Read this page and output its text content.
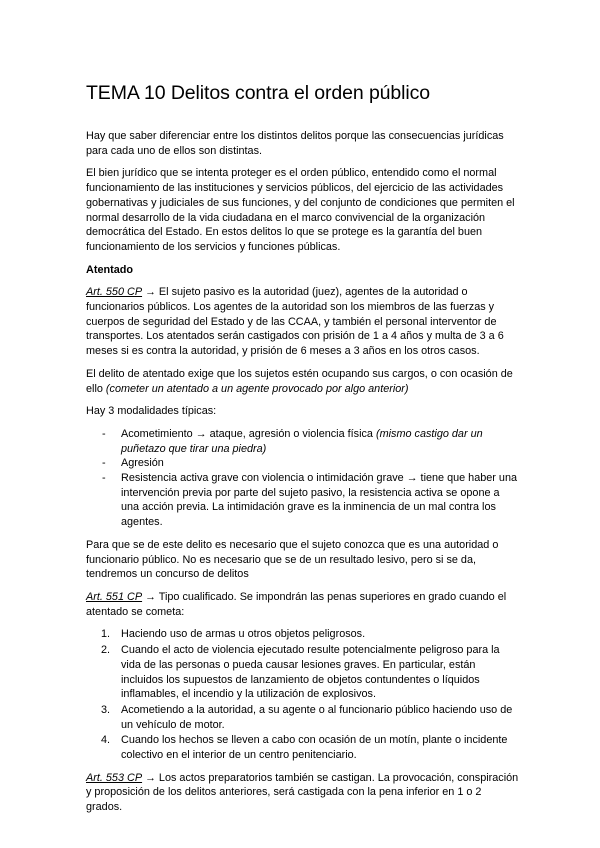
TEMA 10 Delitos contra el orden público

Hay que saber diferenciar entre los distintos delitos porque las consecuencias jurídicas para cada uno de ellos son distintas.

El bien jurídico que se intenta proteger es el orden público, entendido como el normal funcionamiento de las instituciones y servicios públicos, del ejercicio de las actividades gobernativas y judiciales de sus funciones, y del conjunto de condiciones que permiten el normal desarrollo de la vida ciudadana en el marco convivencial de la organización democrática del Estado. En estos delitos lo que se protege es la garantía del buen funcionamiento de los servicios y funciones públicas.

Atentado

Art. 550 CP → El sujeto pasivo es la autoridad (juez), agentes de la autoridad o funcionarios públicos. Los agentes de la autoridad son los miembros de las fuerzas y cuerpos de seguridad del Estado y de las CCAA, y también el personal interventor de transportes. Los atentados serán castigados con prisión de 1 a 4 años y multa de 3 a 6 meses si es contra la autoridad, y prisión de 6 meses a 3 años en los otros casos.

El delito de atentado exige que los sujetos estén ocupando sus cargos, o con ocasión de ello (cometer un atentado a un agente provocado por algo anterior)

Hay 3 modalidades típicas:

- Acometimiento → ataque, agresión o violencia física (mismo castigo dar un puñetazo que tirar una piedra)
- Agresión
- Resistencia activa grave con violencia o intimidación grave → tiene que haber una intervención previa por parte del sujeto pasivo, la resistencia activa se opone a una acción previa. La intimidación grave es la inminencia de un mal contra los agentes.

Para que se de este delito es necesario que el sujeto conozca que es una autoridad o funcionario público. No es necesario que se de un resultado lesivo, pero si se da, tendremos un concurso de delitos

Art. 551 CP → Tipo cualificado. Se impondrán las penas superiores en grado cuando el atentado se cometa:

1. Haciendo uso de armas u otros objetos peligrosos.
2. Cuando el acto de violencia ejecutado resulte potencialmente peligroso para la vida de las personas o pueda causar lesiones graves. En particular, están incluidos los supuestos de lanzamiento de objetos contundentes o líquidos inflamables, el incendio y la utilización de explosivos.
3. Acometiendo a la autoridad, a su agente o al funcionario público haciendo uso de un vehículo de motor.
4. Cuando los hechos se lleven a cabo con ocasión de un motín, plante o incidente colectivo en el interior de un centro penitenciario.

Art. 553 CP → Los actos preparatorios también se castigan. La provocación, conspiración y proposición de los delitos anteriores, será castigada con la pena inferior en 1 o 2 grados.
